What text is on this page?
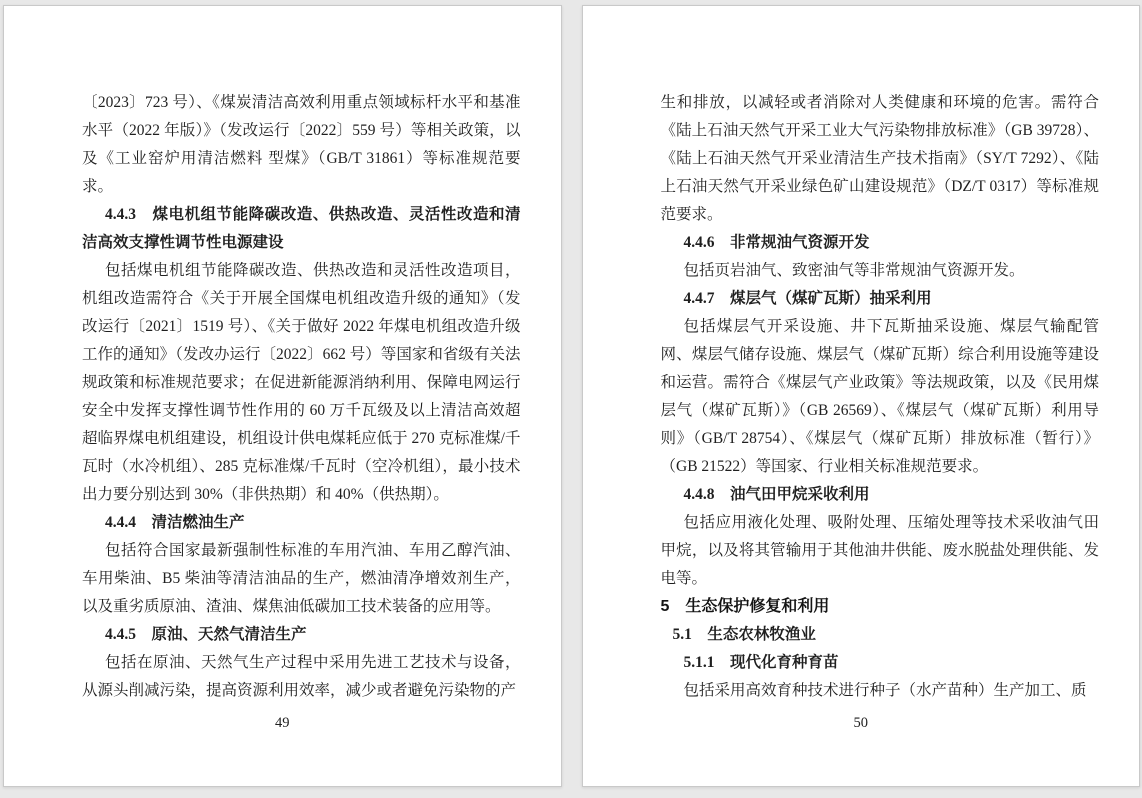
〔2023〕723 号）、《煤炭清洁高效利用重点领域标杆水平和基准水平（2022 年版）》（发改运行〔2022〕559 号）等相关政策，以及《工业窑炉用清洁燃料 型煤》（GB/T 31861）等标准规范要求。

4.4.3　煤电机组节能降碳改造、供热改造、灵活性改造和清洁高效支撑性调节性电源建设

包括煤电机组节能降碳改造、供热改造和灵活性改造项目，机组改造需符合《关于开展全国煤电机组改造升级的通知》（发改运行〔2021〕1519 号）、《关于做好 2022 年煤电机组改造升级工作的通知》（发改办运行〔2022〕662 号）等国家和省级有关法规政策和标准规范要求；在促进新能源消纳利用、保障电网运行安全中发挥支撑性调节性作用的 60 万千瓦级及以上清洁高效超超临界煤电机组建设，机组设计供电煤耗应低于 270 克标准煤/千瓦时（水冷机组）、285 克标准煤/千瓦时（空冷机组），最小技术出力要分别达到 30%（非供热期）和 40%（供热期）。

4.4.4　清洁燃油生产

包括符合国家最新强制性标准的车用汽油、车用乙醇汽油、车用柴油、B5 柴油等清洁油品的生产，燃油清净增效剂生产，以及重劣质原油、渣油、煤焦油低碳加工技术装备的应用等。

4.4.5　原油、天然气清洁生产

包括在原油、天然气生产过程中采用先进工艺技术与设备，从源头削减污染，提高资源利用效率，减少或者避免污染物的产

49

生和排放，以减轻或者消除对人类健康和环境的危害。需符合《陆上石油天然气开采工业大气污染物排放标准》（GB 39728）、《陆上石油天然气开采业清洁生产技术指南》（SY/T 7292）、《陆上石油天然气开采业绿色矿山建设规范》（DZ/T 0317）等标准规范要求。

4.4.6　非常规油气资源开发

包括页岩油气、致密油气等非常规油气资源开发。

4.4.7　煤层气（煤矿瓦斯）抽采利用

包括煤层气开采设施、井下瓦斯抽采设施、煤层气输配管网、煤层气储存设施、煤层气（煤矿瓦斯）综合利用设施等建设和运营。需符合《煤层气产业政策》等法规政策，以及《民用煤层气（煤矿瓦斯）》（GB 26569）、《煤层气（煤矿瓦斯）利用导则》（GB/T 28754）、《煤层气（煤矿瓦斯）排放标准（暂行）》（GB 21522）等国家、行业相关标准规范要求。

4.4.8　油气田甲烷采收利用

包括应用液化处理、吸附处理、压缩处理等技术采收油气田甲烷，以及将其管输用于其他油井供能、废水脱盐处理供能、发电等。

5　生态保护修复和利用

5.1　生态农林牧渔业

5.1.1　现代化育种育苗

包括采用高效育种技术进行种子（水产苗种）生产加工、质

50
